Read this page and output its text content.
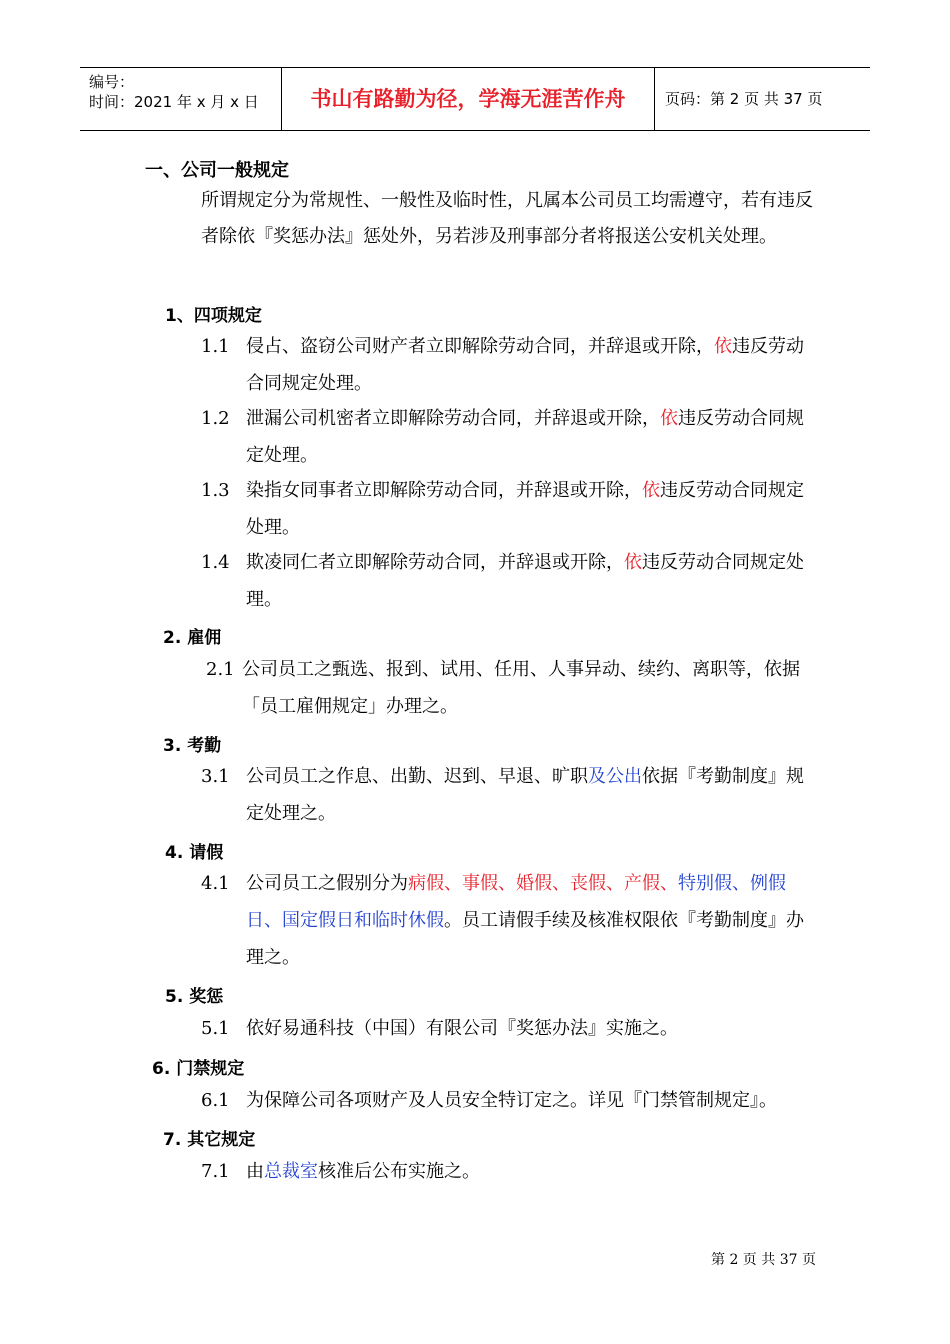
编号：
时间：2021 年 x 月 x 日	书山有路勤为径，学海无涯苦作舟	页码：第 2 页 共 37 页
一、公司一般规定
所谓规定分为常规性、一般性及临时性，凡属本公司员工均需遵守，若有违反者除依『奖惩办法』惩处外，另若涉及刑事部分者将报送公安机关处理。
1、四项规定
1.1 侵占、盗窃公司财产者立即解除劳动合同，并辞退或开除，依违反劳动合同规定处理。
1.2 泄漏公司机密者立即解除劳动合同，并辞退或开除，依违反劳动合同规定处理。
1.3 染指女同事者立即解除劳动合同，并辞退或开除，依违反劳动合同规定处理。
1.4 欺凌同仁者立即解除劳动合同，并辞退或开除，依违反劳动合同规定处理。
2. 雇佣
2.1 公司员工之甄选、报到、试用、任用、人事异动、续约、离职等，依据「员工雇佣规定」办理之。
3. 考勤
3.1 公司员工之作息、出勤、迟到、早退、旷职及公出依据『考勤制度』规定处理之。
4. 请假
4.1 公司员工之假别分为病假、事假、婚假、丧假、产假、特别假、例假日、国定假日和临时休假。员工请假手续及核准权限依『考勤制度』办理之。
5. 奖惩
5.1 依好易通科技（中国）有限公司『奖惩办法』实施之。
6. 门禁规定
6.1 为保障公司各项财产及人员安全特订定之。详见『门禁管制规定』。
7. 其它规定
7.1 由总裁室核准后公布实施之。
第 2 页 共 37 页
